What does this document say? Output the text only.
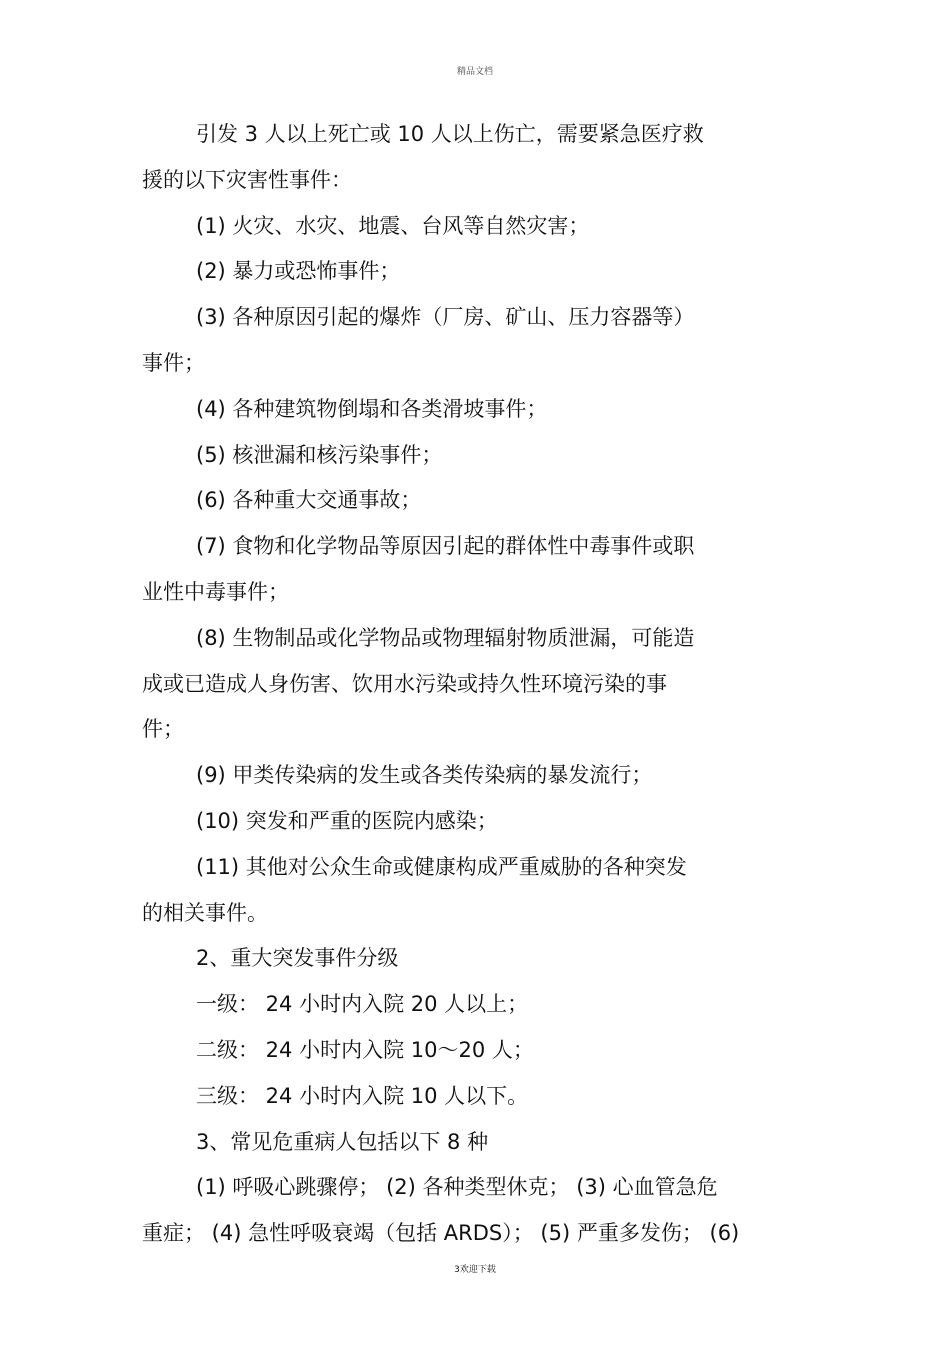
精品文档
引发 3 人以上死亡或 10 人以上伤亡，需要紧急医疗救
援的以下灾害性事件：
(1) 火灾、水灾、地震、台风等自然灾害；
(2) 暴力或恐怖事件；
(3) 各种原因引起的爆炸（厂房、矿山、压力容器等）
事件；
(4) 各种建筑物倒塌和各类滑坡事件；
(5) 核泄漏和核污染事件；
(6) 各种重大交通事故；
(7) 食物和化学物品等原因引起的群体性中毒事件或职
业性中毒事件；
(8) 生物制品或化学物品或物理辐射物质泄漏，可能造
成或已造成人身伤害、饮用水污染或持久性环境污染的事
件；
(9) 甲类传染病的发生或各类传染病的暴发流行；
(10) 突发和严重的医院内感染；
(11) 其他对公众生命或健康构成严重威胁的各种突发
的相关事件。
2、重大突发事件分级
一级： 24 小时内入院 20 人以上；
二级： 24 小时内入院 10～20 人；
三级： 24 小时内入院 10 人以下。
3、常见危重病人包括以下 8 种
(1) 呼吸心跳骤停； (2) 各种类型休克； (3) 心血管急危
重症； (4) 急性呼吸衰竭（包括 ARDS）； (5) 严重多发伤； (6)
3欢迎下载
